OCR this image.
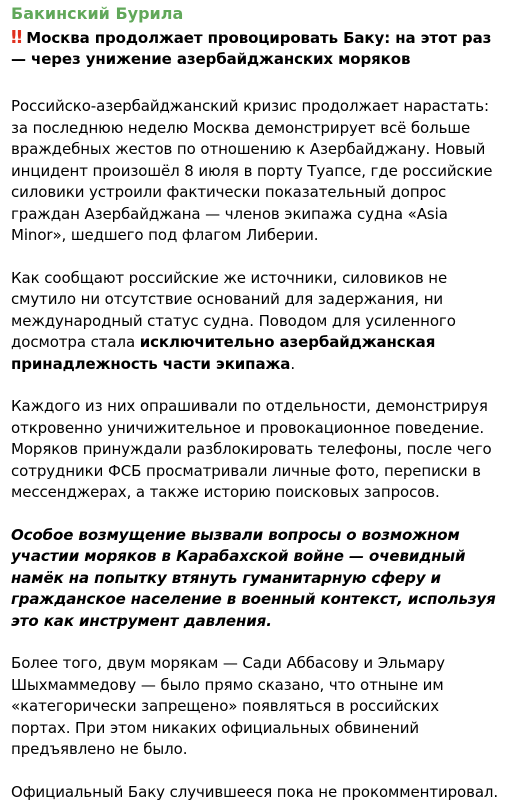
Бакинский Бурила
‼ Москва продолжает провоцировать Баку: на этот раз — через унижение азербайджанских моряков

Российско-азербайджанский кризис продолжает нарастать: за последнюю неделю Москва демонстрирует всё больше враждебных жестов по отношению к Азербайджану. Новый инцидент произошёл 8 июля в порту Туапсе, где российские силовики устроили фактически показательный допрос граждан Азербайджана — членов экипажа судна «Asia Minor», шедшего под флагом Либерии.

Как сообщают российские же источники, силовиков не смутило ни отсутствие оснований для задержания, ни международный статус судна. Поводом для усиленного досмотра стала исключительно азербайджанская принадлежность части экипажа.

Каждого из них опрашивали по отдельности, демонстрируя откровенно уничижительное и провокационное поведение. Моряков принуждали разблокировать телефоны, после чего сотрудники ФСБ просматривали личные фото, переписки в мессенджерах, а также историю поисковых запросов.

Особое возмущение вызвали вопросы о возможном участии моряков в Карабахской войне — очевидный намёк на попытку втянуть гуманитарную сферу и гражданское население в военный контекст, используя это как инструмент давления.

Более того, двум морякам — Сади Аббасову и Эльмару Шыхмаммедову — было прямо сказано, что отныне им «категорически запрещено» появляться в российских портах. При этом никаких официальных обвинений предъявлено не было.

Официальный Баку случившееся пока не прокомментировал.
